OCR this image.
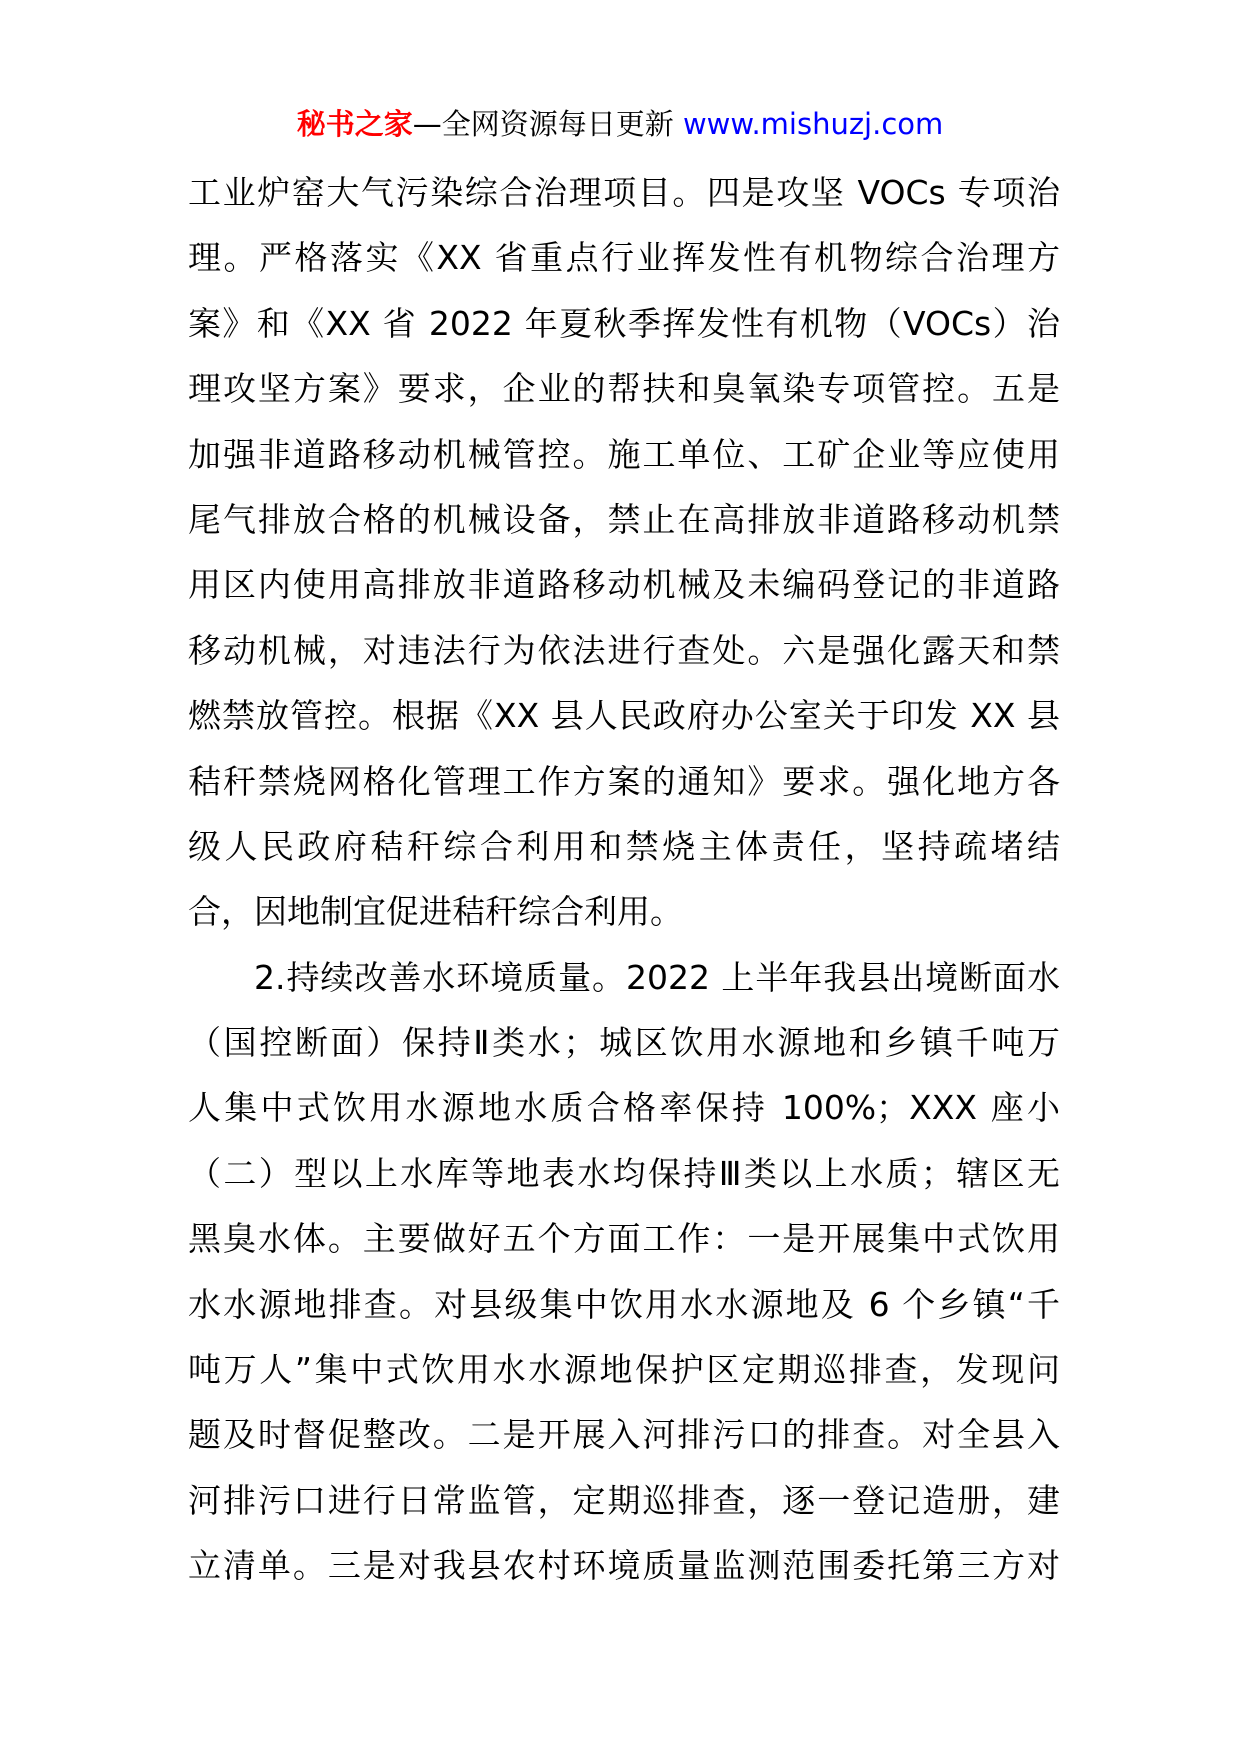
秘书之家—全网资源每日更新 www.mishuzj.com
工业炉窑大气污染综合治理项目。四是攻坚 VOCs 专项治
理。严格落实《XX 省重点行业挥发性有机物综合治理方
案》和《XX 省 2022 年夏秋季挥发性有机物（VOCs）治
理攻坚方案》要求，企业的帮扶和臭氧染专项管控。五是
加强非道路移动机械管控。施工单位、工矿企业等应使用
尾气排放合格的机械设备，禁止在高排放非道路移动机禁
用区内使用高排放非道路移动机械及未编码登记的非道路
移动机械，对违法行为依法进行查处。六是强化露天和禁
燃禁放管控。根据《XX 县人民政府办公室关于印发 XX 县
秸秆禁烧网格化管理工作方案的通知》要求。强化地方各
级人民政府秸秆综合利用和禁烧主体责任，坚持疏堵结
合，因地制宜促进秸秆综合利用。
2.持续改善水环境质量。2022 上半年我县出境断面水
（国控断面）保持Ⅱ类水；城区饮用水源地和乡镇千吨万
人集中式饮用水源地水质合格率保持 100%；XXX 座小
（二）型以上水库等地表水均保持Ⅲ类以上水质；辖区无
黑臭水体。主要做好五个方面工作：一是开展集中式饮用
水水源地排查。对县级集中饮用水水源地及 6 个乡镇“千
吨万人”集中式饮用水水源地保护区定期巡排查，发现问
题及时督促整改。二是开展入河排污口的排查。对全县入
河排污口进行日常监管，定期巡排查，逐一登记造册，建
立清单。三是对我县农村环境质量监测范围委托第三方对
